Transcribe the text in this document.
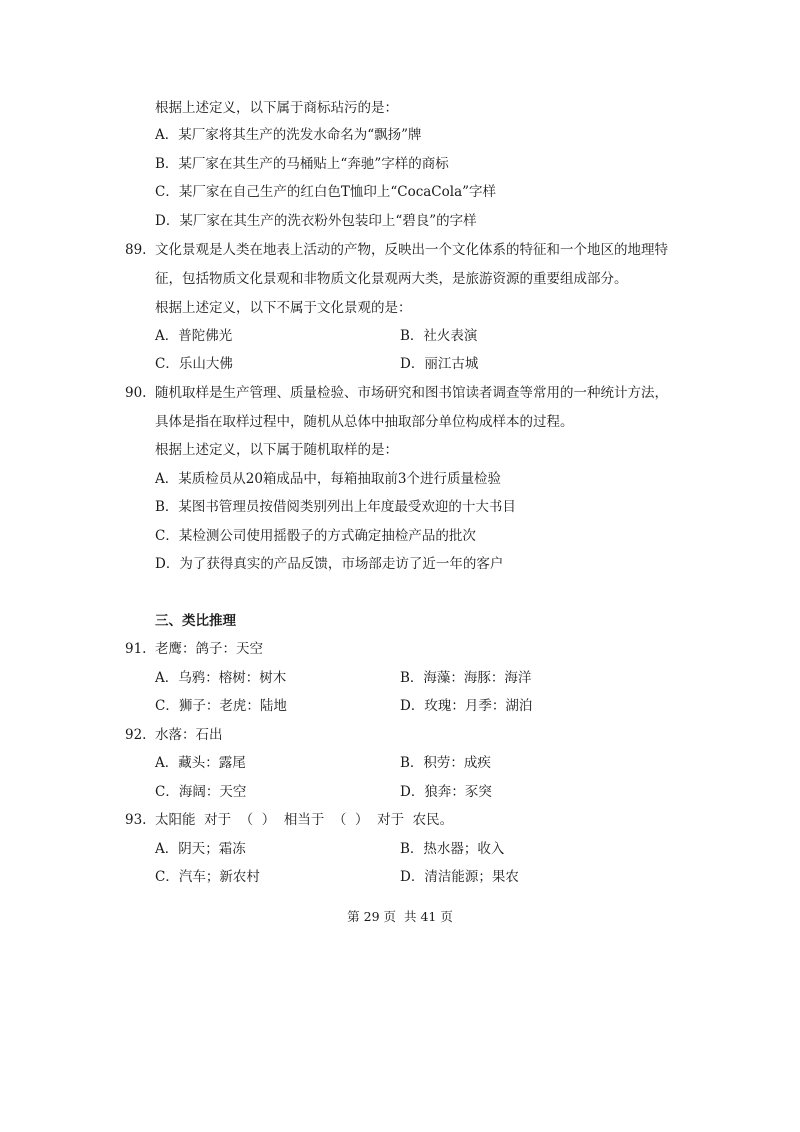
根据上述定义，以下属于商标玷污的是：
A．某厂家将其生产的洗发水命名为“飘扬”牌
B．某厂家在其生产的马桶贴上“奔驰”字样的商标
C．某厂家在自己生产的红白色T恤印上“CocaCola”字样
D．某厂家在其生产的洗衣粉外包装印上“碧良”的字样
89. 文化景观是人类在地表上活动的产物，反映出一个文化体系的特征和一个地区的地理特
征，包括物质文化景观和非物质文化景观两大类，是旅游资源的重要组成部分。
根据上述定义，以下不属于文化景观的是：
A．普陀佛光	B．社火表演
C．乐山大佛	D．丽江古城
90. 随机取样是生产管理、质量检验、市场研究和图书馆读者调查等常用的一种统计方法，
具体是指在取样过程中，随机从总体中抽取部分单位构成样本的过程。
根据上述定义，以下属于随机取样的是：
A．某质检员从20箱成品中，每箱抽取前3个进行质量检验
B．某图书管理员按借阅类别列出上年度最受欢迎的十大书目
C．某检测公司使用摇骰子的方式确定抽检产品的批次
D．为了获得真实的产品反馈，市场部走访了近一年的客户
三、类比推理
91. 老鹰：鸽子：天空
A．乌鸦：榕树：树木	B．海藻：海豚：海洋
C．狮子：老虎：陆地	D．玫瑰：月季：湖泊
92. 水落：石出
A．藏头：露尾	B．积劳：成疾
C．海阔：天空	D．狼奔：豕突
93. 太阳能  对于  （  ）  相当于  （  ）  对于  农民。
A．阴天；霜冻	B．热水器；收入
C．汽车；新农村	D．清洁能源；果农
第 29 页  共 41 页
